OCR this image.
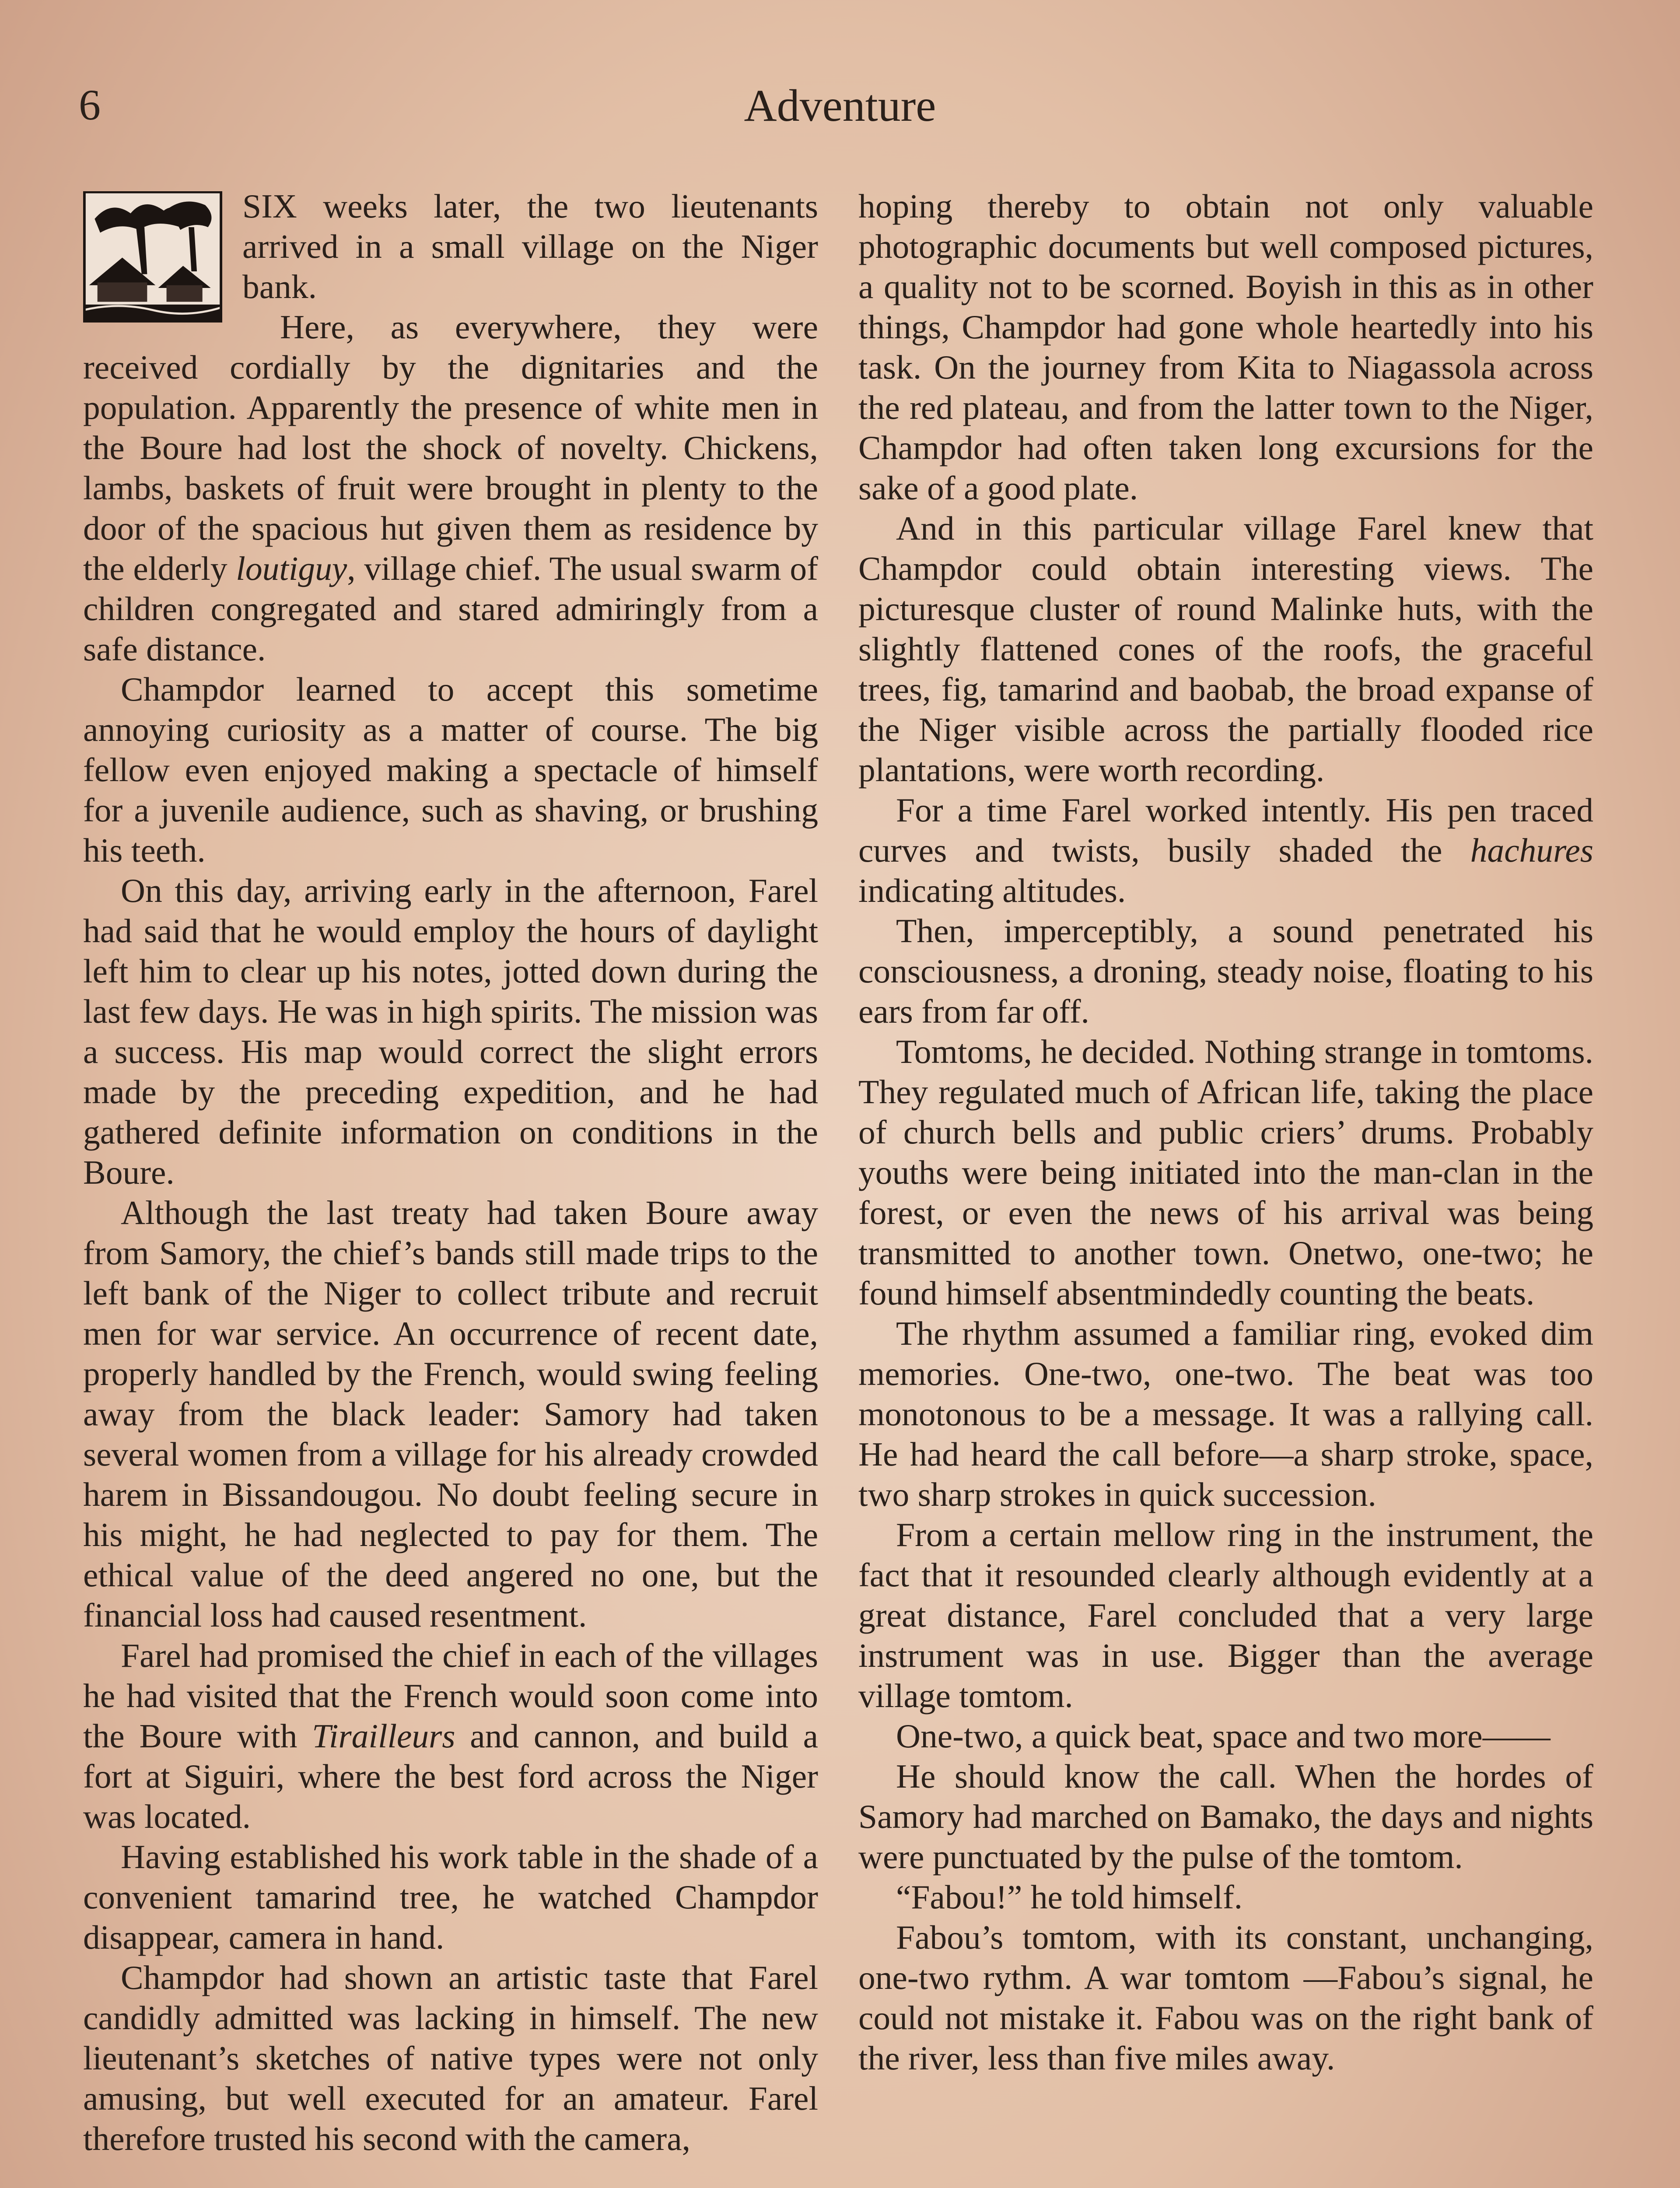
6	Adventure

SIX weeks later, the two lieutenants arrived in a small village on the Niger bank.

Here, as everywhere, they were received cordially by the dignitaries and the population. Apparently the presence of white men in the Boure had lost the shock of novelty. Chickens, lambs, baskets of fruit were brought in plenty to the door of the spacious hut given them as residence by the elderly loutiguy, village chief. The usual swarm of children congregated and stared admiringly from a safe distance.

Champdor learned to accept this sometime annoying curiosity as a matter of course. The big fellow even enjoyed making a spectacle of himself for a juvenile audience, such as shaving, or brushing his teeth.

On this day, arriving early in the afternoon, Farel had said that he would employ the hours of daylight left him to clear up his notes, jotted down during the last few days. He was in high spirits. The mission was a success. His map would correct the slight errors made by the preceding expedition, and he had gathered definite information on conditions in the Boure.

Although the last treaty had taken Boure away from Samory, the chief’s bands still made trips to the left bank of the Niger to collect tribute and recruit men for war service. An occurrence of recent date, properly handled by the French, would swing feeling away from the black leader: Samory had taken several women from a village for his already crowded harem in Bissandougou. No doubt feeling secure in his might, he had neglected to pay for them. The ethical value of the deed angered no one, but the financial loss had caused resentment.

Farel had promised the chief in each of the villages he had visited that the French would soon come into the Boure with Tirailleurs and cannon, and build a fort at Siguiri, where the best ford across the Niger was located.

Having established his work table in the shade of a convenient tamarind tree, he watched Champdor disappear, camera in hand.

Champdor had shown an artistic taste that Farel candidly admitted was lacking in himself. The new lieutenant’s sketches of native types were not only amusing, but well executed for an amateur. Farel therefore trusted his second with the camera,

hoping thereby to obtain not only valuable photographic documents but well composed pictures, a quality not to be scorned. Boyish in this as in other things, Champdor had gone whole heartedly into his task. On the journey from Kita to Niagassola across the red plateau, and from the latter town to the Niger, Champdor had often taken long excursions for the sake of a good plate.

And in this particular village Farel knew that Champdor could obtain interesting views. The picturesque cluster of round Malinke huts, with the slightly flattened cones of the roofs, the graceful trees, fig, tamarind and baobab, the broad expanse of the Niger visible across the partially flooded rice plantations, were worth recording.

For a time Farel worked intently. His pen traced curves and twists, busily shaded the hachures indicating altitudes.

Then, imperceptibly, a sound penetrated his consciousness, a droning, steady noise, floating to his ears from far off.

Tomtoms, he decided. Nothing strange in tomtoms. They regulated much of African life, taking the place of church bells and public criers’ drums. Probably youths were being initiated into the man-clan in the forest, or even the news of his arrival was being transmitted to another town. Onetwo, one-two; he found himself absentmindedly counting the beats.

The rhythm assumed a familiar ring, evoked dim memories. One-two, one-two. The beat was too monotonous to be a message. It was a rallying call. He had heard the call before—a sharp stroke, space, two sharp strokes in quick succession.

From a certain mellow ring in the instrument, the fact that it resounded clearly although evidently at a great distance, Farel concluded that a very large instrument was in use. Bigger than the average village tomtom.

One-two, a quick beat, space and two more——

He should know the call. When the hordes of Samory had marched on Bamako, the days and nights were punctuated by the pulse of the tomtom.

“Fabou!” he told himself.

Fabou’s tomtom, with its constant, unchanging, one-two rythm. A war tomtom —Fabou’s signal, he could not mistake it. Fabou was on the right bank of the river, less than five miles away.
